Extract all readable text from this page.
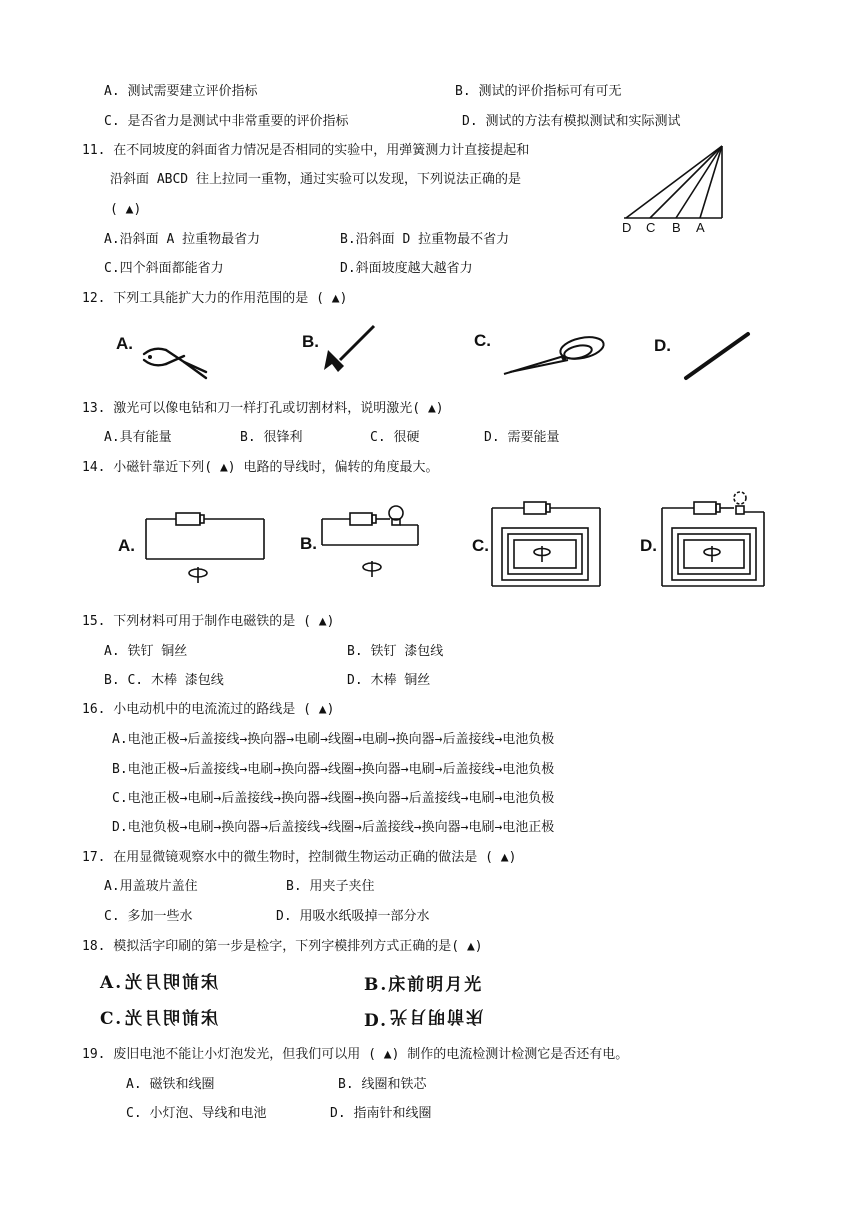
A. 测试需要建立评价指标	B. 测试的评价指标可有可无
C. 是否省力是测试中非常重要的评价指标	D. 测试的方法有模拟测试和实际测试
11. 在不同坡度的斜面省力情况是否相同的实验中，用弹簧测力计直接提起和
沿斜面 ABCD 往上拉同一重物，通过实验可以发现，下列说法正确的是
( ▲)
A.沿斜面 A 拉重物最省力	B.沿斜面 D 拉重物最不省力
C.四个斜面都能省力	D.斜面坡度越大越省力
D C B A
12. 下列工具能扩大力的作用范围的是 ( ▲)
A.	B.	C.	D.
13. 激光可以像电钻和刀一样打孔或切割材料，说明激光( ▲)
A.具有能量	B. 很锋利	C. 很硬	D. 需要能量
14. 小磁针靠近下列( ▲) 电路的导线时，偏转的角度最大。
A.	B.	C.	D.
15. 下列材料可用于制作电磁铁的是 ( ▲)
A. 铁钉 铜丝	B. 铁钉 漆包线
B. C. 木棒 漆包线	D. 木棒 铜丝
16. 小电动机中的电流流过的路线是 ( ▲)
A.电池正极→后盖接线→换向器→电刷→线圈→电刷→换向器→后盖接线→电池负极
B.电池正极→后盖接线→电刷→换向器→线圈→换向器→电刷→后盖接线→电池负极
C.电池正极→电刷→后盖接线→换向器→线圈→换向器→后盖接线→电刷→电池负极
D.电池负极→电刷→换向器→后盖接线→线圈→后盖接线→换向器→电刷→电池正极
17. 在用显微镜观察水中的微生物时，控制微生物运动正确的做法是 ( ▲)
A.用盖玻片盖住	B. 用夹子夹住
C. 多加一些水	D. 用吸水纸吸掉一部分水
18. 模拟活字印刷的第一步是检字，下列字模排列方式正确的是( ▲)
A.床前明月光	B.床前明月光
C.床前明月光	D.床前明月光
19. 废旧电池不能让小灯泡发光，但我们可以用 ( ▲) 制作的电流检测计检测它是否还有电。
A. 磁铁和线圈	B. 线圈和铁芯
C. 小灯泡、导线和电池	D. 指南针和线圈
